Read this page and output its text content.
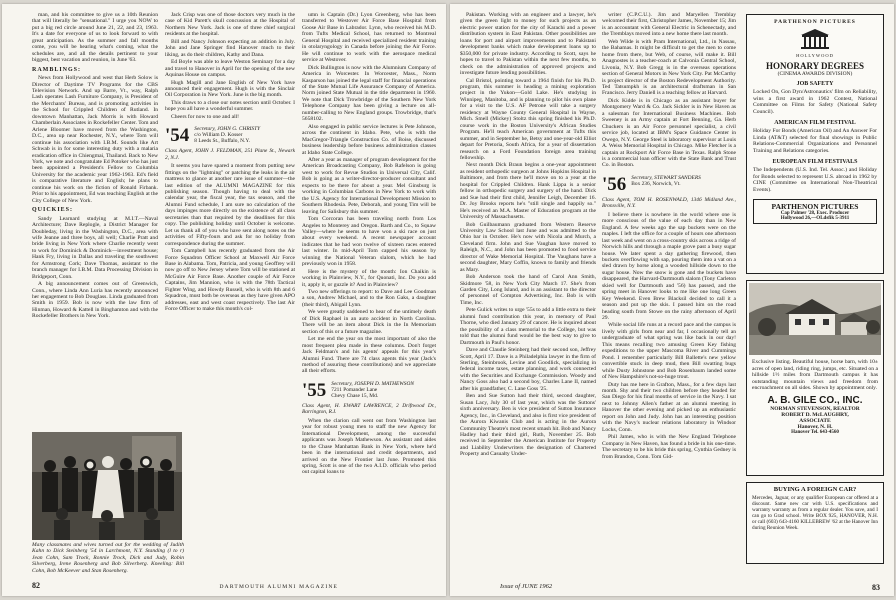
man, and his committee to give us a 10th Reunion that will literally be "sensational." I urge you NOW to put a big red circle around June 21, 22, and 23, 1963. It's a date for everyone of us to look forward to with great anticipation. As the summer and fall months come, you will be hearing what's coming, what the schedules are, and all the details pertinent to your biggest, best vacation and reunion, in June '63.

RAMBLINGS:

News from Hollywood and west that Herb Solow is Director of Daytime TV Programs for the CBS Television Network. And up Barre, Vt., way, Ralph Lash operates Lash Furniture Company, is President of the Merchants' Bureau, and is promoting activities in the School for Crippled Children of Rutland. In downtown Manhattan, Jack Morris is with Howard Chamberlain Associates in Rockefeller Center. Tom and Arlene Bloomer have moved from the Washington, D.C., area up near Rochester, N.Y., where Tom will continue his association with I.B.M. Sounds like Art Schwab is in for some interesting duty with a malaria eradication office in Chiengmai, Thailand. Back to New York, we note and congratulate Ed Potoker who has just been appointed a President's Fellow to Columbia University for the academic year 1962-1963. Ed's field is comparative literature and English; he plans to continue his work on the fiction of Ronald Firbank. Prior to his appointment, Ed was teaching English at the City College of New York.

QUICKIES:

Sandy Learnard studying at M.I.T.—Naval Architecture; Dave Replogle, a District Manager for Doubleday, living in the Washington, D.C., area with wife Jeanne and three boys, all well; Charlie Pratt and bride living in New York where Charlie recently went to work for Dominick & Dominick—investment house; Hank Fry, living in Dallas and traveling the southwest for Armstrong Cork; Dave Thomas, assistant to the branch manager for I.B.M. Data Processing Division in Bridgeport, Conn.

A big announcement comes out of Greenwich, Conn., where Linda Ann Luria has recently announced her engagement to Bob Douglass. Linda graduated from Smith in 1959. Bob is now with the law firm of Hinman, Howard & Kattell in Binghamton and with the Rockefeller Brothers in New York.

Jack Crisp was one of those doctors very much in the case of Kid Parett's skull concussion at the Hospital of Northern New York. Jack is one of three chief surgical residents at the hospital.

Bill and Nancy Johnson expecting an addition in July. John and Jane Springer find Hanover much to their liking, as do their children, Kathy and Dana.

Ed Boyle was able to leave Weston Seminary for a day and travel to Hanover in April for the opening of the new Aquinas House on campus.

Hugh Magill and Jane English of New York have announced their engagement. Hugh is with the Sinclair Oil Corporation in New York. June is the big month.

This draws to a close our notes section until October. I hope you all have a wonderful summer.

Cheers for now to one and all!

'54 Secretary, JOHN G. CHRISTY
c/o William D. Kosser
8 Leeds St., Buffalo, N.Y.
Class Agent, JOHN J. FELDMAN, 251 Plane St., Newark 2, N.J.

It seems you have spared a moment from putting new fittings on the "lightning" or patching the leaks in the air mattress to glance at another rare issue of summer—the last edition of the ALUMNI MAGAZINE for this publishing season. Though having to deal with the calendar year, the fiscal year, the tax season, and the Alumni Fund schedule, I am sure no calculation of the days impinges more directly on the existence of all class secretaries than that required by the deadlines for this copy. The publishing holiday until October is welcome. Let us thank all of you who have sent along notes on the activities of Fifty-fours and ask for no holiday from correspondence during the summer.

Tom Campbell has recently graduated from the Air Force Squadron Officer School at Maxwell Air Force Base in Alabama. Tom, Patricia, and young Geoffrey will now go off to New Jersey where Tom will be stationed at McGuire Air Force Base. Another couple of Air Force Captains, Jim Mannion, who is with the 78th Tactical Fighter Wing, and Howdy Russell, who is with 8th and 6 Squadron, must both be overseas as they have given APO addresses, east and west coast respectively. The last Air Force Officer to make this month's col-

umn is Captain (Dr.) Lyon Greenberg, who has been transferred to Westover Air Force Base Hospital from Goose Air Base in Labrador. Lynn, who received his M.D. from Tufts Medical School, has returned to Montreal General Hospital and received specialized resident training in otolaryngology in Canada before joining the Air Force. He will continue to work with the aerospace medical service at Westover.

Dick Bullington is now with the Alumnium Company of America in Worcester. In Worcester, Mass., Norm Kasparson has joined the legal staff for financial operations of the State Mutual Life Assurance Company of America. Norm joined State Mutual in the title department in 1960. We note that Dick Trowbridge of the Southern New York Telephone Company has been giving a lecture on all-number-calling to New England groups. Trowbridge, that's 5658102.

Also engaged in public service lectures is Pete Johnson, across the continent in Idaho. Pete, who is with the MacGregor-Triangle Construction Co. of Boise, discussed business leadership before business administration classes at Idaho State College.

After a year as manager of program development for the American Broadcasting Company, Bob Rafelson is going west to work for Revue Studios in Universal City, Calif. Bob is going as a writer-director-producer consultant and expects to be there for about a year. Mel Ginsburg is working in Columbian Carbons in New York to work with the U.S. Agency for International Development Mission to Southern Rhodesia. Pete, Deborah, and young Tim will be leaving for Salisbury this summer.

Tom Corcoran has been traveling north from Los Angeles to Monterey and Oregon. Barth and Co., to Squaw Valley—where he seems to have won a ski race on just about every weekend. A recent newspaper account indicates that he had won twelve of sixteen races entered last winter. In mid-April Tom capped his season by winning the National Veteran slalom, which he had previously won in 1958.

Here is the mystery of the month: Ion Chaikin is working in Plainview, N.Y., for Quonati, Inc. Do you add it, apply it, or guzzle it? And in Plainview?

Two new offerings to report: to Dave and Lee Goodman a son, Andrew Michael, and to the Ron Gaks, a daughter (their third), Abigail Lynn.

We were greatly saddened to hear of the untimely death of Dick Raphael in an auto accident in North Carolina. There will be an item about Dick in the In Memoriam section of this or a future magazine.

Let me end the year on the most important of also the most frequent plea made in these columns. Don't forget Jack Feldman's and his agents' appeals for this year's Alumni Fund. There are 74 class agents this year (Jack's method of assuring these contributions) and we appreciate all their efforts.

'55 Secretary, JOSEPH D. MATHEWSON
7211 Pomander Lane
Chevy Chase 15, Md.
Class Agent, H. EWART LAWRENCE, 2 Driftwood Dr., Barrington, R.I.

When the clarion call went out from Washington last year for robust young men to staff the new Agency for International Development, among the successful applicants was Joseph Mathewson. As assistant and aides to the Chase Manhattan Bank in New York, where he'd been in the international and credit departments, and arrived on the New Frontier last June. Promoted this spring, Scott is one of the two A.I.D. officials who period out capital loans to

Many classmates and wives turned out for the wedding of Judith Kahn to Dick Steinberg '54 in Larchmont, N.Y. Standing (l to r) Jean Cohn, Sam Trock, Ronnie Trock, Dick and Judy, Robin Silverberg, Irene Rosenberg and Bob Silverberg. Kneeling: Bill Cohn, Bob McKeever and Stan Rosenberg.
82	DARTMOUTH ALUMNI MAGAZINE

Pakistan. Working with an engineer and a lawyer, he's given the green light to money for such projects as an electric power station for the city of Karachi and a power distribution system in East Pakistan. Other possibilities are loans for port and airport improvements and to Pakistani development banks which make development loans up to $350,000 for private industry. According to Scott, says he hopes to travel to Pakistan within the next few months, to check on the administration of approved projects and investigate future lending possibilities.

Cal Bristol, pointing toward a 1964 finish for his Ph.D. program, this summer is heading a mining exploration project in the Yukon—Gold Lake. He's studying in Winnipeg, Manitoba, and is planning to pilot his own plane for a visit to the U.S. AF Petrone will take a surgery residency at Wayne County General Hospital in Wayne, Mich. Smell (Mickey) Stoltz this spring finished his Ph.D. course work in the Boston University's African Studies Program. He'll teach American government at Tufts this summer, and in September he, Betsy and one-year-old Elliot depart for Pretoria, South Africa, for a year of dissertation research on a Ford Foundation foreign area training fellowship.

Next month Dick Braun begins a one-year appointment as resident orthopedic surgeon at Johns Hopkins Hospital in Baltimore, and from there he'll move on to a year at the hospital for Crippled Children. Hank Lippa is a senior fellow in orthopedic surgery and surgery of the hand. Dick and Sue had their first child, Jennifer Leigh, December 16. Dr. Joy Brooks reports he's "still single and happily so." He's received an M.A. Master of Education program at the University of Massachusetts.

Bob Guilbaumann graduated from Western Reserve University Law School last June and was admitted to the Ohio bar in October. He's now with Nicola and Murch, a Cleveland firm. John and Sue Vaughan have moved to Raleigh, N.C., and John has been promoted to food service director of Wake Memorial Hospital. The Vaughans have a second daughter, Mary Coffin, known to family and friends as Mary.

Bob Anderson took the hand of Carol Ann Smith, Skidmore '58, in New York City March 17. She's from Garden City, Long Island, and is an assistant to the director of personnel of Compton Advertising, Inc. Bob is with Time, Inc.

Pete Gulick writes to urge '55s to add a little extra to their alumni fund contribution this year, in memory of Paul Thorne, who died January 29 of cancer. He is inquired about the possibility of a class memorial to the College, but was told that the alumni fund would be the best way to give to Dartmouth in Paul's honor.

Dave and Claudie Steinberg had their second son, Jeffrey Scott, April 17. Dave is a Philadelphia lawyer in the firm of Sterling, Steinbrook, Levine and Goodlick, specializing in federal income taxes, estate planning, and work connected with the Securities and Exchange Commission. Woody and Nancy Goss also had a second boy, Charles Lane II, named after his grandfather, C. Lane Goss '25.

Ben and Sue Sutton had their third, second daughter, Susan Lacy, July 30 of last year, which was the Suttons' sixth anniversary. Ben is vice president of Sutton Insurance Agency, Inc., in Cleveland, and also is first vice president of the Aurora Kiwanis Club and is acting in the Aurora Community Theatre's most recent smash hit. Bob and Nancy Hadley had their third girl, Ruth, November 25. Bob received in September the American Institute for Property and Liability Underwriters the designation of Chartered Property and Casualty Under-

writer (C.P.C.U.). Jim and Maryellen Tremblay welcomed their first, Christopher James, November 15; Jim is an accountant with General Electric in Schenectady, and the Tremblays moved into a new home there last month.

Web Wilde is with Pram International, Ltd., in Nassau, the Bahamas. It might be difficult to get the men to come home from there, but Web, of course, will make it. Bill Anagnostes is a teacher-coach at Calvonia Central School, Livonia, N.Y. Bob Gregg is in the overseas operations section of General Motors in New York City. Pat McCarthy is project director of the Boston Redevelopment Authority. Ted Tatsumpkh is an architectural draftsman in San Francisco. Jerry Daniell is a teaching fellow at Harvard.

Dick Kidde is in Chicago as an assistant buyer for Montgomery Ward & Co. Jack Sickler is in New Haven as a salesman for International Business Machines. Bob Sweeney is an Army captain at Fort Benning, Ga. Herb Chuckers is an Air Force personnel specialist, a civil service job, located at IBM's Space Guidance Center in Owego, N.Y. George Steel is laboratory supervisor at Louis A. Weiss Memorial Hospital in Chicago. Mike Fletcher is a captain at Rockport Air Force Base in Texas. Ralph Stone is a commercial loan officer with the State Bank and Trust Co. in Boston.

'56 Secretary, STEWART SANDERS
Box 236, Norwich, Vt.
Class Agent, TOM H. ROSENWALD, 1346 Midland Ave., Bronxville, N.Y.

I believe there is nowhere in the world where one is more conscious of the value of each day than in New England. A few weeks ago the sap buckets were on the maples. I left the office for a couple of hours one afternoon last week and went on a cross-country skis across a ridge of Norwich hills and through a maple grove past a busy sugar house. We later spent a day gathering firewood, then buckets overflowing with sap, pouring them into a vat on a sled drawn by horse along a wooded hillside down to the sugar house. Now the snow is gone and the buckets have disappeared, the Harvard-Dartmouth slalom (Tony Carleton skied well for Dartmouth and '56) has passed, and the spring meet in Hanover looks to me like one long Green Key Weekend. Even Brew Blacksil decided to call it a season and put up the skis. I passed him on the road heading south from Stowe on the rainy afternoon of April 29.

While social life runs at a record pace and the campus is lively with girls from near and far, I occasionally tell an undergraduate of what spring was like back in our day! This means recalling two amusing Green Key fishing expeditions to the upper Mascoma River and Cummings Pond. I remember particularly Bill Ballette's new yellow convertible stuck in deep mud, then Bill swatting bugs while Dusty Johnstone and Bob Rosenbaum landed some of New Hampshire's not-so-huge trout.

Duty has me here in Grafton, Mass., for a few days last month. Shy and their two children before they headed for San Diego for his final months of service in the Navy. I sat next to Johnny Allen's father at an alumni meeting in Hanover the other evening and picked up an enthusiastic report on John and Judy. John has an interesting position with the Navy's nuclear relations laboratory in Windsor Locks, Conn.

Phil James, who is with the New England Telephone Company in New Haven, has found a bride in his one-time. The secretary to be his bride this spring, Cynthia Gedney is from Brandon, Conn. Tom Gid-

PARTHENON PICTURES
HOLLYWOOD
HONORARY DEGREES
(CINEMA AWARDS DIVISION)
JOB SAFETY
Locked On, Gon Dyn/Astronautics' film on Reliability, wins a first award in 1962 Contest, National Committee on Films for Safety (National Safety Council).
AMERICAN FILM FESTIVAL
Holiday For Bonds (American Oil) and An Answer For Linda (AT&T) selected for final showings in Public Relations-Commercial Organizations and Personnel Training and Relations categories.
EUROPEAN FILM FESTIVALS
The Independents (U.S. Ind. Tel. Assoc.) and Holiday for Bonds selected to represent U.S. abroad in 1962 by CINE (Committee on International Non-Theatrical Events).
PARTHENON PICTURES
Cap Palmer '28, Exec. Producer
Hollywood 26,—OLdsfik 5-3911
Exclusive listing. Beautiful house, horse barn, with 10± acres of open land, riding ring, jumps, etc. Situated on a hillside 1½ miles from Dartmouth campus it has outstanding mountain views and freedom from encroachment on all sides. Shown by appointment only.
A. B. GILE CO., INC.
NORMAN STEVENSON, REALTOR
ROBERT D. McLAUGHRY,
ASSOCIATE
Hanover, N. H.
Hanover Tel. 643-4560
BUYING A FOREIGN CAR?
Mercedes, Jaguar, or any qualifier European car offered at a discount. Same new car with U.S. specifications and warranty warranty as from a regular dealer. You save, and I can go to Grad school. Write BOX 925, HANOVER, N.H. or call (603) 643-4160 KILLEBREW '62 at the Hanover Inn during Reunion Week.
Issue of JUNE 1962	83
